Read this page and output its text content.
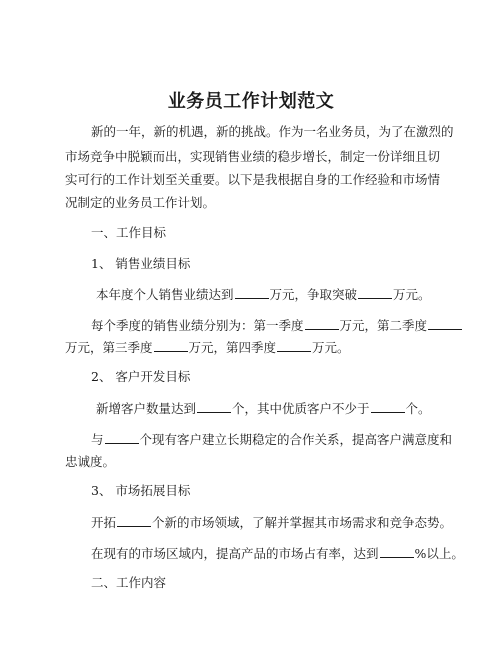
业务员工作计划范文
新的一年，新的机遇，新的挑战。作为一名业务员，为了在激烈的
市场竞争中脱颖而出，实现销售业绩的稳步增长，制定一份详细且切
实可行的工作计划至关重要。以下是我根据自身的工作经验和市场情
况制定的业务员工作计划。
一、工作目标
1、 销售业绩目标
本年度个人销售业绩达到	万元，争取突破	万元。
每个季度的销售业绩分别为：第一季度	万元，第二季度
万元，第三季度	万元，第四季度	万元。
2、 客户开发目标
新增客户数量达到	个，其中优质客户不少于	个。
与	个现有客户建立长期稳定的合作关系，提高客户满意度和
忠诚度。
3、 市场拓展目标
开拓	个新的市场领域，了解并掌握其市场需求和竞争态势。
在现有的市场区域内，提高产品的市场占有率，达到	%以上。
二、工作内容
